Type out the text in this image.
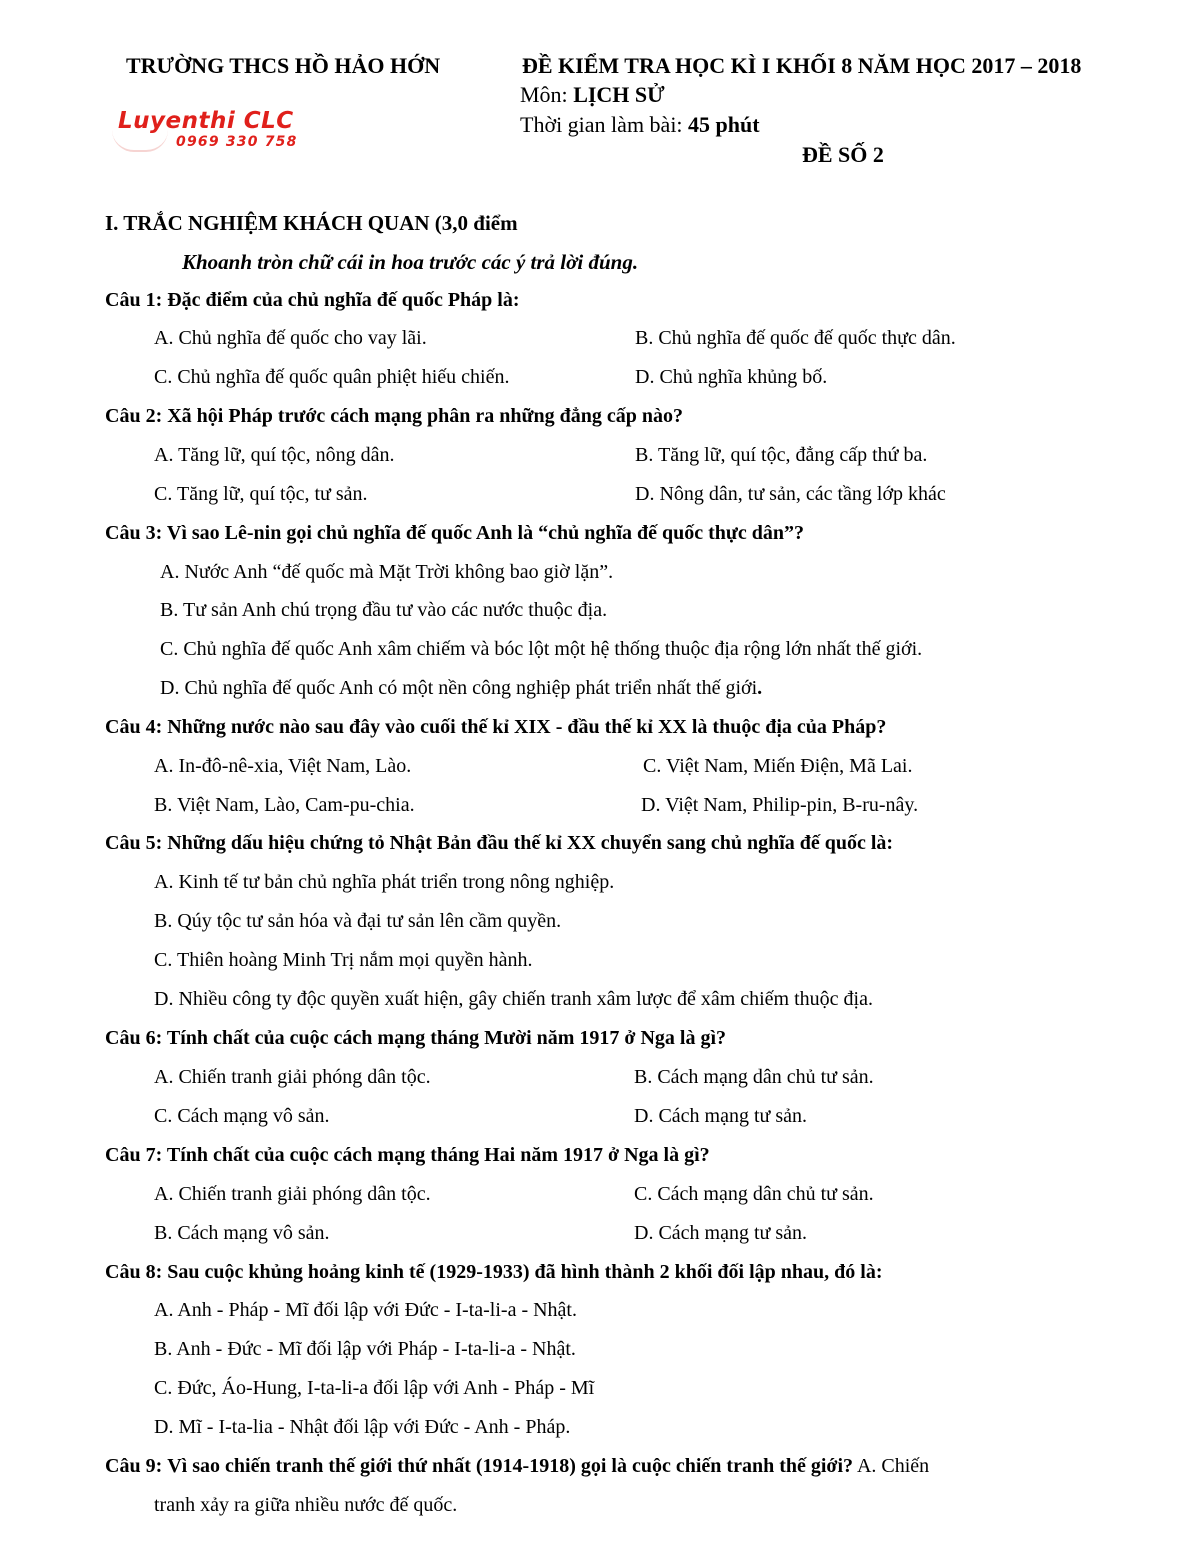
TRƯỜNG THCS HỒ HẢO HỚN	ĐỀ KIỂM TRA HỌC KÌ I KHỐI 8 NĂM HỌC 2017 – 2018
Môn: LỊCH SỬ
Thời gian làm bài: 45 phút
ĐỀ SỐ 2
Luyenthi CLC
0969 330 758
I. TRẮC NGHIỆM KHÁCH QUAN (3,0 điểm
Khoanh tròn chữ cái in hoa trước các ý trả lời đúng.
Câu 1: Đặc điểm của chủ nghĩa đế quốc Pháp là:
A. Chủ nghĩa đế quốc cho vay lãi.	B. Chủ nghĩa đế quốc đế quốc thực dân.
C. Chủ nghĩa đế quốc quân phiệt hiếu chiến.	D. Chủ nghĩa khủng bố.
Câu 2: Xã hội Pháp trước cách mạng phân ra những đẳng cấp nào?
A. Tăng lữ, quí tộc, nông dân.	B. Tăng lữ, quí tộc, đẳng cấp thứ ba.
C. Tăng lữ, quí tộc, tư sản.	D. Nông dân, tư sản, các tầng lớp khác
Câu 3: Vì sao Lê-nin gọi chủ nghĩa đế quốc Anh là “chủ nghĩa đế quốc thực dân”?
A. Nước Anh “đế quốc mà Mặt Trời không bao giờ lặn”.
B. Tư sản Anh chú trọng đầu tư vào các nước thuộc địa.
C. Chủ nghĩa đế quốc Anh xâm chiếm và bóc lột một hệ thống thuộc địa rộng lớn nhất thế giới.
D. Chủ nghĩa đế quốc Anh có một nền công nghiệp phát triển nhất thế giới.
Câu 4: Những nước nào sau đây vào cuối thế kỉ XIX - đầu thế kỉ XX là thuộc địa của Pháp?
A. In-đô-nê-xia, Việt Nam, Lào.	C. Việt Nam, Miến Điện, Mã Lai.
B. Việt Nam, Lào, Cam-pu-chia.	D. Việt Nam, Philip-pin, B-ru-nây.
Câu 5: Những dấu hiệu chứng tỏ Nhật Bản đầu thế kỉ XX chuyển sang chủ nghĩa đế quốc là:
A. Kinh tế tư bản chủ nghĩa phát triển trong nông nghiệp.
B. Qúy tộc tư sản hóa và đại tư sản lên cầm quyền.
C. Thiên hoàng Minh Trị nắm mọi quyền hành.
D. Nhiều công ty độc quyền xuất hiện, gây chiến tranh xâm lược để xâm chiếm thuộc địa.
Câu 6: Tính chất của cuộc cách mạng tháng Mười năm 1917 ở Nga là gì?
A. Chiến tranh giải phóng dân tộc.	B. Cách mạng dân chủ tư sản.
C. Cách mạng vô sản.	D. Cách mạng tư sản.
Câu 7: Tính chất của cuộc cách mạng tháng Hai năm 1917 ở Nga là gì?
A. Chiến tranh giải phóng dân tộc.	C. Cách mạng dân chủ tư sản.
B. Cách mạng vô sản.	D. Cách mạng tư sản.
Câu 8: Sau cuộc khủng hoảng kinh tế (1929-1933) đã hình thành 2 khối đối lập nhau, đó là:
A. Anh - Pháp - Mĩ đối lập với Đức - I-ta-li-a - Nhật.
B. Anh - Đức - Mĩ đối lập với Pháp - I-ta-li-a - Nhật.
C. Đức, Áo-Hung, I-ta-li-a đối lập với Anh - Pháp - Mĩ
D. Mĩ - I-ta-lia - Nhật đối lập với Đức - Anh - Pháp.
Câu 9: Vì sao chiến tranh thế giới thứ nhất (1914-1918) gọi là cuộc chiến tranh thế giới? A. Chiến
tranh xảy ra giữa nhiều nước đế quốc.
